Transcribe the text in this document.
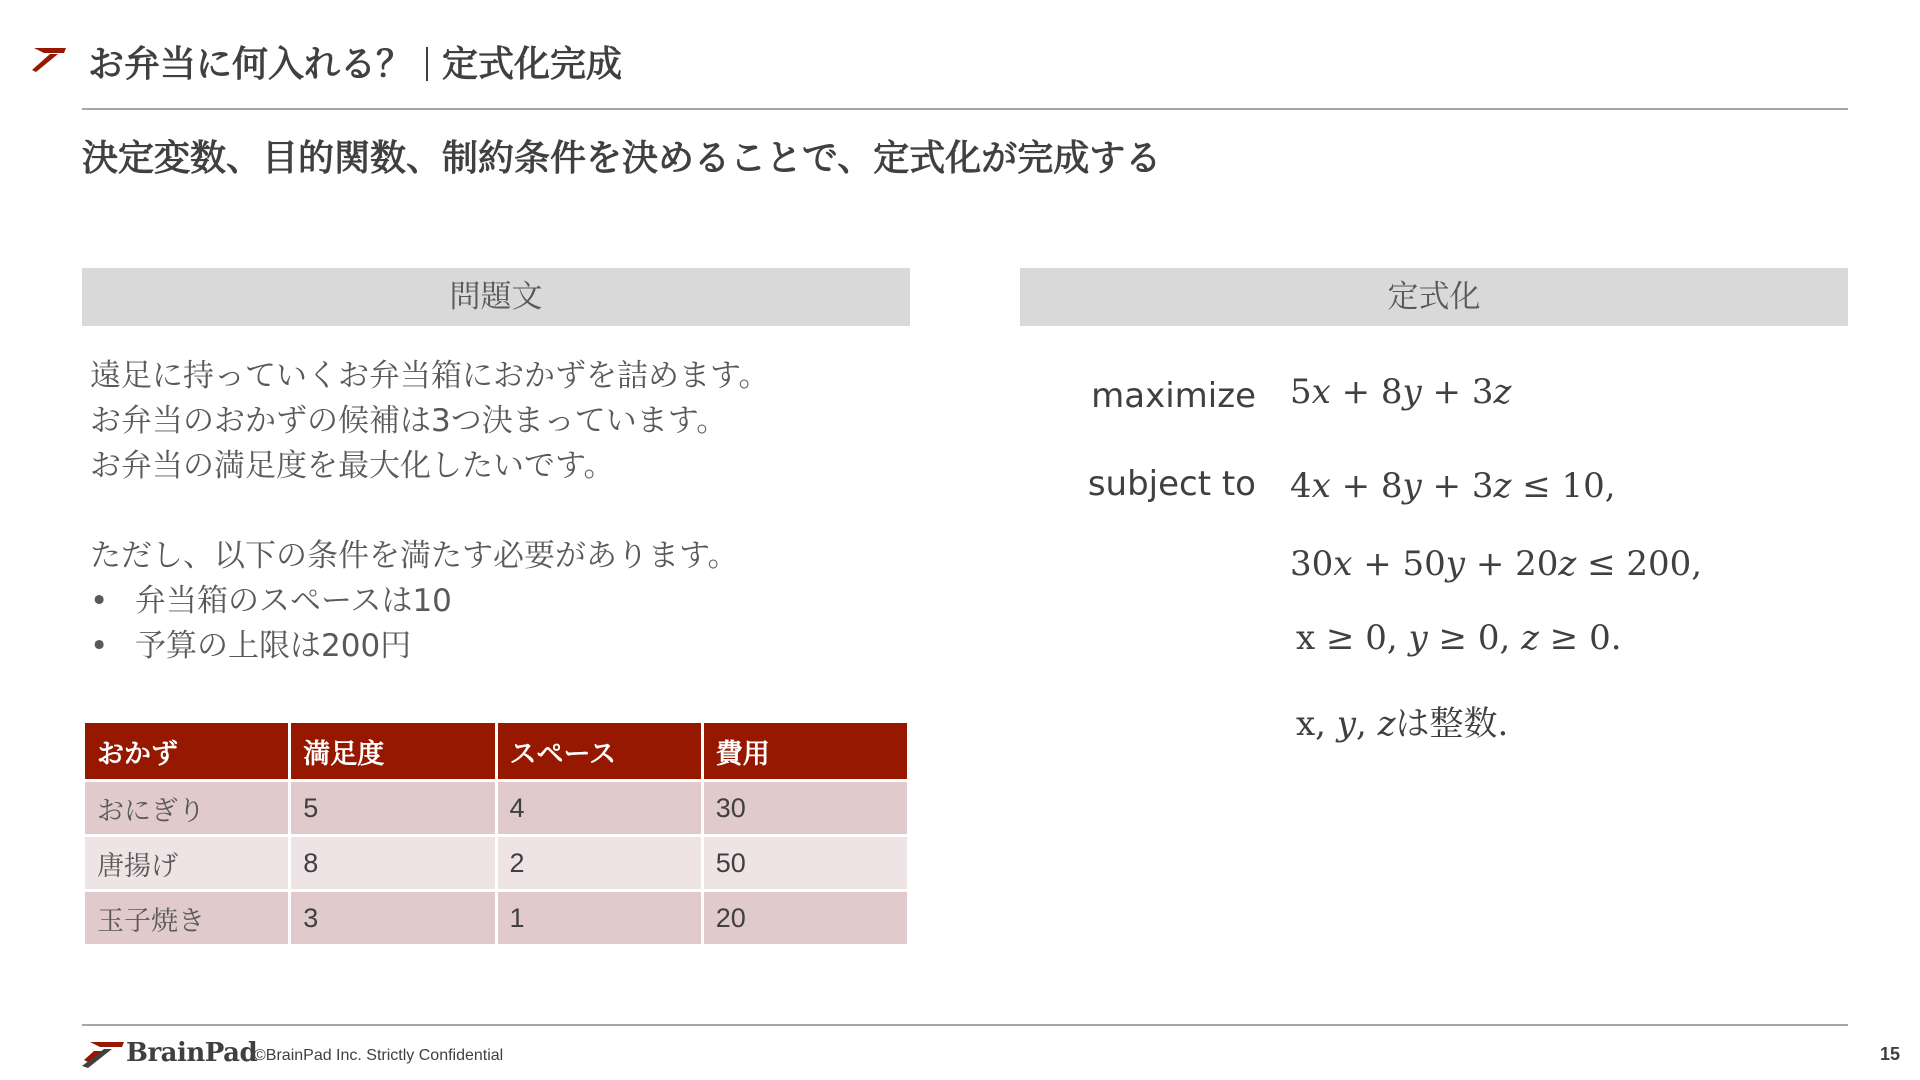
お弁当に何入れる？ 定式化完成
決定変数、目的関数、制約条件を決めることで、定式化が完成する
問題文	定式化
遠足に持っていくお弁当箱におかずを詰めます。
お弁当のおかずの候補は3つ決まっています。
お弁当の満足度を最大化したいです。
ただし、以下の条件を満たす必要があります。
• 弁当箱のスペースは10
• 予算の上限は200円
おかず	満足度	スペース	費用
おにぎり	5	4	30
唐揚げ	8	2	50
玉子焼き	3	1	20
maximize 5𝑥 + 8𝑦 + 3𝑧
subject to 4𝑥 + 8𝑦 + 3𝑧 ≤ 10,
30𝑥 + 50𝑦 + 20𝑧 ≤ 200,
x ≥ 0, 𝑦 ≥ 0, 𝑧 ≥ 0.
x, 𝑦, 𝑧は整数.
BrainPad
©BrainPad Inc. Strictly Confidential	15
